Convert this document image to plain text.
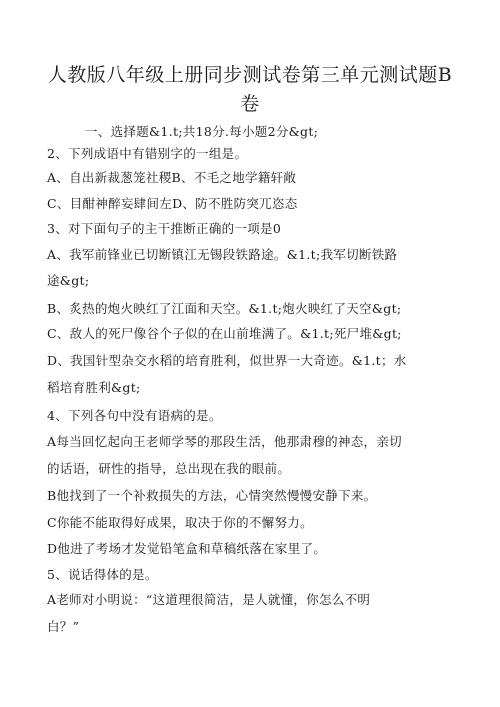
人教版八年级上册同步测试卷第三单元测试题B
卷
一、选择题&1.t;共18分.每小题2分&gt;
2、下列成语中有错别字的一组是。
A、自出新裁葱笼社稷B、不毛之地学籍轩敞
C、目酣神醉妄肆间左D、防不胜防突兀恣态
3、对下面句子的主干推断正确的一项是0
A、我军前锋业已切断镇江无锡段铁路途。&1.t;我军切断铁路
途&gt;
B、炙热的炮火映红了江面和天空。&1.t;炮火映红了天空&gt;
C、敌人的死尸像谷个子似的在山前堆满了。&1.t;死尸堆&gt;
D、我国针型杂交水稻的培育胜利，似世界一大奇迹。&1.t；水
稻培育胜利&gt;
4、下列各句中没有语病的是。
A每当回忆起向王老师学琴的那段生活，他那肃穆的神态，亲切
的话语，研性的指导，总出现在我的眼前。
B他找到了一个补救损失的方法，心情突然慢慢安静下来。
C你能不能取得好成果，取决于你的不懈努力。
D他进了考场才发觉铅笔盒和草稿纸落在家里了。
5、说话得体的是。
A老师对小明说：“这道理很简洁，是人就懂，你怎么不明
白？”
